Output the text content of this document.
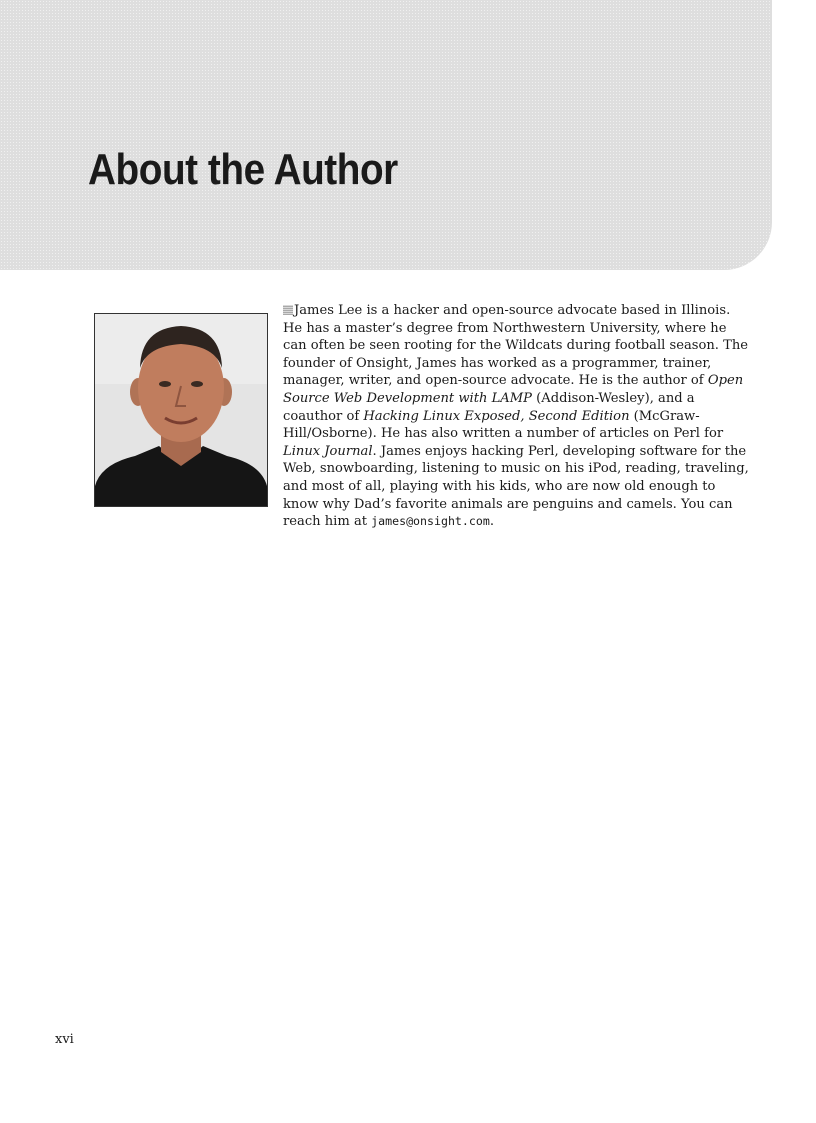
About the Author

James Lee is a hacker and open-source advocate based in Illinois. He has a master’s degree from Northwestern University, where he can often be seen rooting for the Wildcats during football season. The founder of Onsight, James has worked as a programmer, trainer, manager, writer, and open-source advocate. He is the author of Open Source Web Development with LAMP (Addison-Wesley), and a coauthor of Hacking Linux Exposed, Second Edition (McGraw-Hill/Osborne). He has also written a number of articles on Perl for Linux Journal. James enjoys hacking Perl, developing software for the Web, snowboarding, listening to music on his iPod, reading, traveling, and most of all, playing with his kids, who are now old enough to know why Dad’s favorite animals are penguins and camels. You can reach him at james@onsight.com.

xvi
